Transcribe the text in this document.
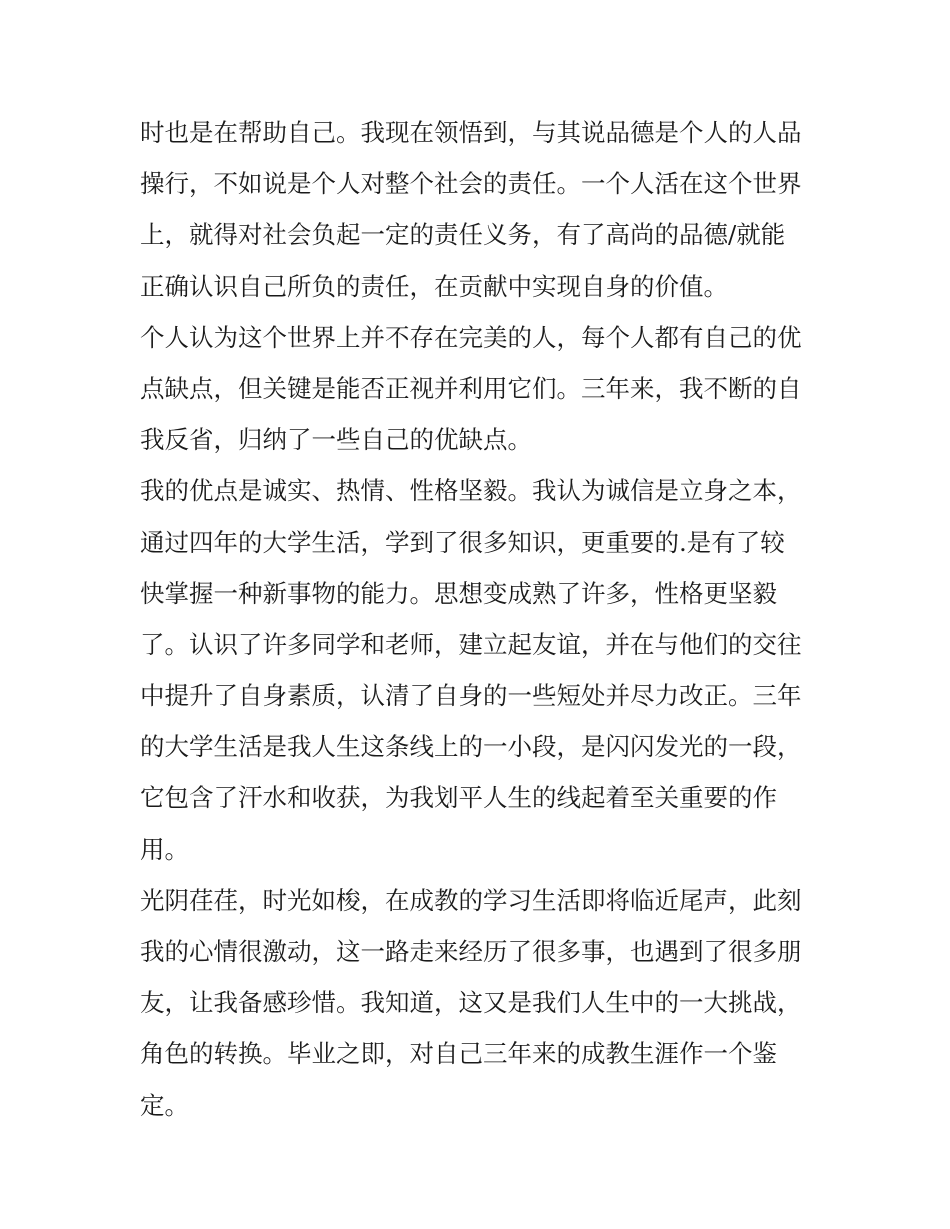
时也是在帮助自己。我现在领悟到，与其说品德是个人的人品
操行，不如说是个人对整个社会的责任。一个人活在这个世界
上，就得对社会负起一定的责任义务，有了高尚的品德/就能
正确认识自己所负的责任，在贡献中实现自身的价值。
个人认为这个世界上并不存在完美的人，每个人都有自己的优
点缺点，但关键是能否正视并利用它们。三年来，我不断的自
我反省，归纳了一些自己的优缺点。
我的优点是诚实、热情、性格坚毅。我认为诚信是立身之本，
通过四年的大学生活，学到了很多知识，更重要的.是有了较
快掌握一种新事物的能力。思想变成熟了许多，性格更坚毅
了。认识了许多同学和老师，建立起友谊，并在与他们的交往
中提升了自身素质，认清了自身的一些短处并尽力改正。三年
的大学生活是我人生这条线上的一小段，是闪闪发光的一段，
它包含了汗水和收获，为我划平人生的线起着至关重要的作
用。
光阴荏荏，时光如梭，在成教的学习生活即将临近尾声，此刻
我的心情很激动，这一路走来经历了很多事，也遇到了很多朋
友，让我备感珍惜。我知道，这又是我们人生中的一大挑战，
角色的转换。毕业之即，对自己三年来的成教生涯作一个鉴
定。
